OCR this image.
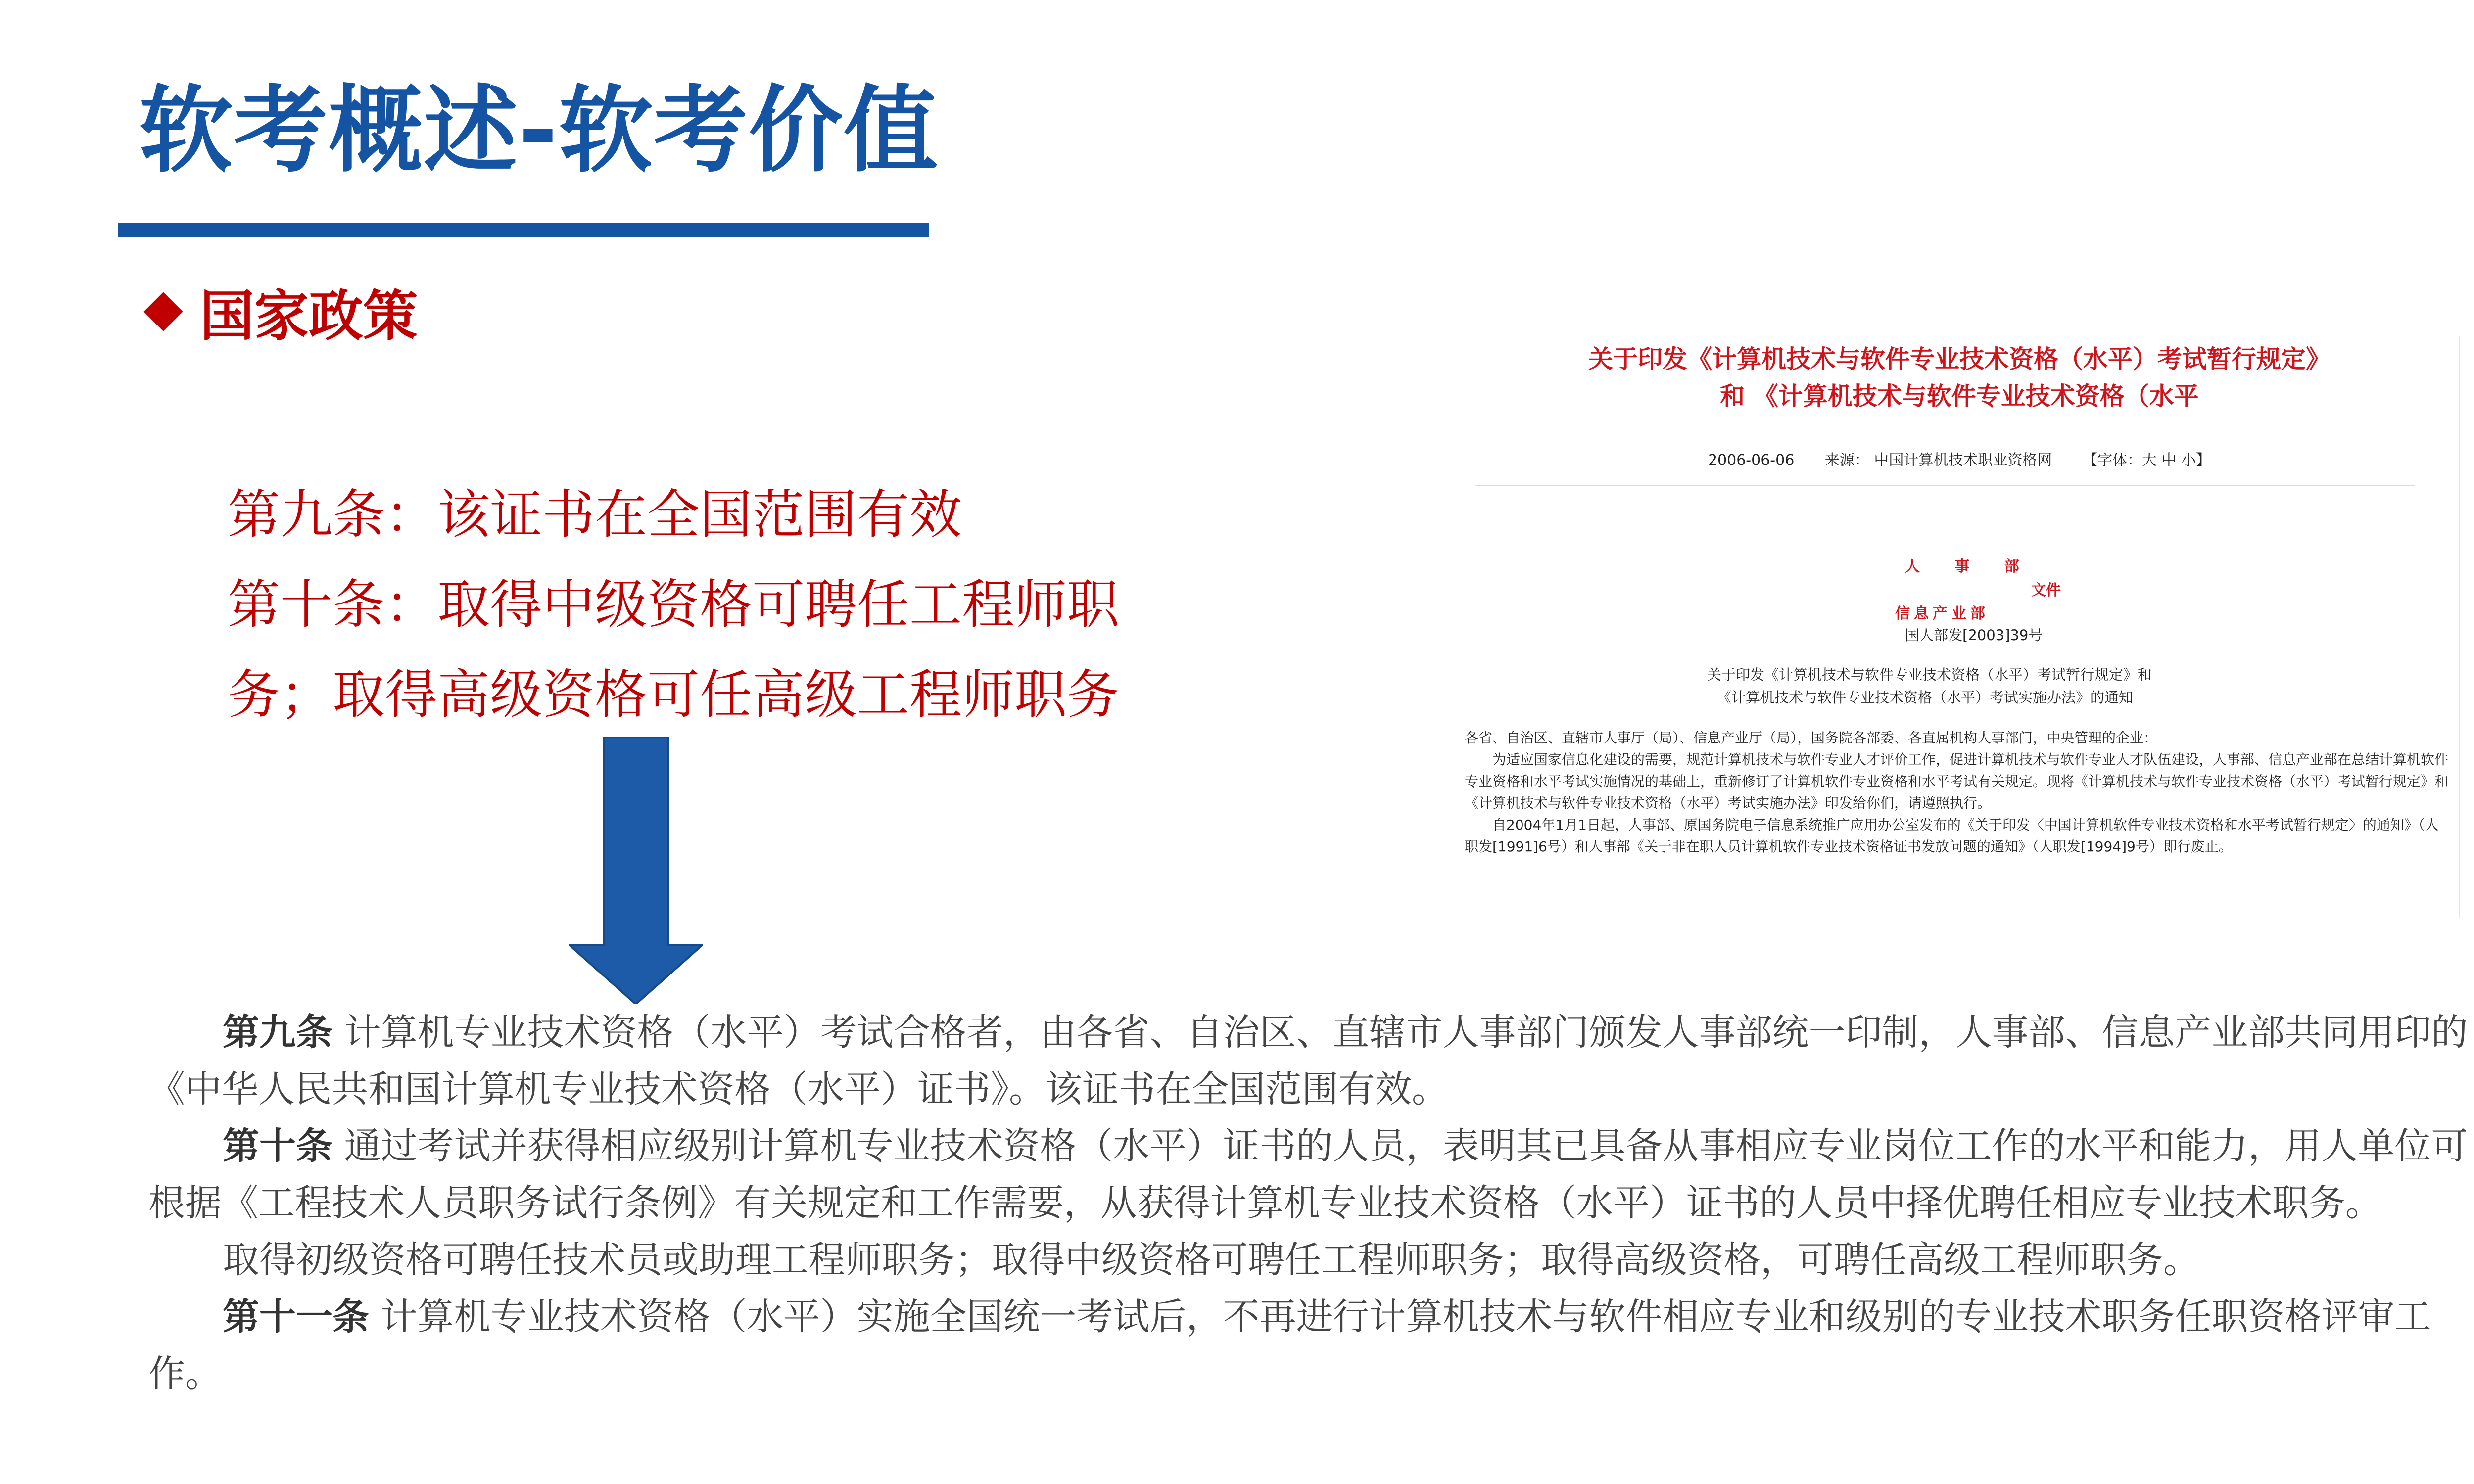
软考概述-软考价值
国家政策
第九条：该证书在全国范围有效
第十条：取得中级资格可聘任工程师职
务；取得高级资格可任高级工程师职务
关于印发《计算机技术与软件专业技术资格（水平）考试暂行规定》
和 《计算机技术与软件专业技术资格（水平
2006-06-06 来源： 中国计算机技术职业资格网 【字体：大 中 小】
人 事 部
文件
信息产业部
国人部发[2003]39号
关于印发《计算机技术与软件专业技术资格（水平）考试暂行规定》和
《计算机技术与软件专业技术资格（水平）考试实施办法》的通知

各省、自治区、直辖市人事厅（局）、信息产业厅（局），国务院各部委、各直属机构人事部门，中央管理的企业：

为适应国家信息化建设的需要，规范计算机技术与软件专业人才评价工作，促进计算机技术与软件专业人才队伍建设，人事部、信息产业部在总结计算机软件专业资格和水平考试实施情况的基础上，重新修订了计算机软件专业资格和水平考试有关规定。现将《计算机技术与软件专业技术资格（水平）考试暂行规定》和《计算机技术与软件专业技术资格（水平）考试实施办法》印发给你们，请遵照执行。

自2004年1月1日起，人事部、原国务院电子信息系统推广应用办公室发布的《关于印发〈中国计算机软件专业技术资格和水平考试暂行规定〉的通知》（人职发[1991]6号）和人事部《关于非在职人员计算机软件专业技术资格证书发放问题的通知》（人职发[1994]9号）即行废止。

第九条 计算机专业技术资格（水平）考试合格者，由各省、自治区、直辖市人事部门颁发人事部统一印制，人事部、信息产业部共同用印的《中华人民共和国计算机专业技术资格（水平）证书》。该证书在全国范围有效。

第十条 通过考试并获得相应级别计算机专业技术资格（水平）证书的人员，表明其已具备从事相应专业岗位工作的水平和能力，用人单位可根据《工程技术人员职务试行条例》有关规定和工作需要，从获得计算机专业技术资格（水平）证书的人员中择优聘任相应专业技术职务。

取得初级资格可聘任技术员或助理工程师职务；取得中级资格可聘任工程师职务；取得高级资格，可聘任高级工程师职务。

第十一条 计算机专业技术资格（水平）实施全国统一考试后，不再进行计算机技术与软件相应专业和级别的专业技术职务任职资格评审工作。
